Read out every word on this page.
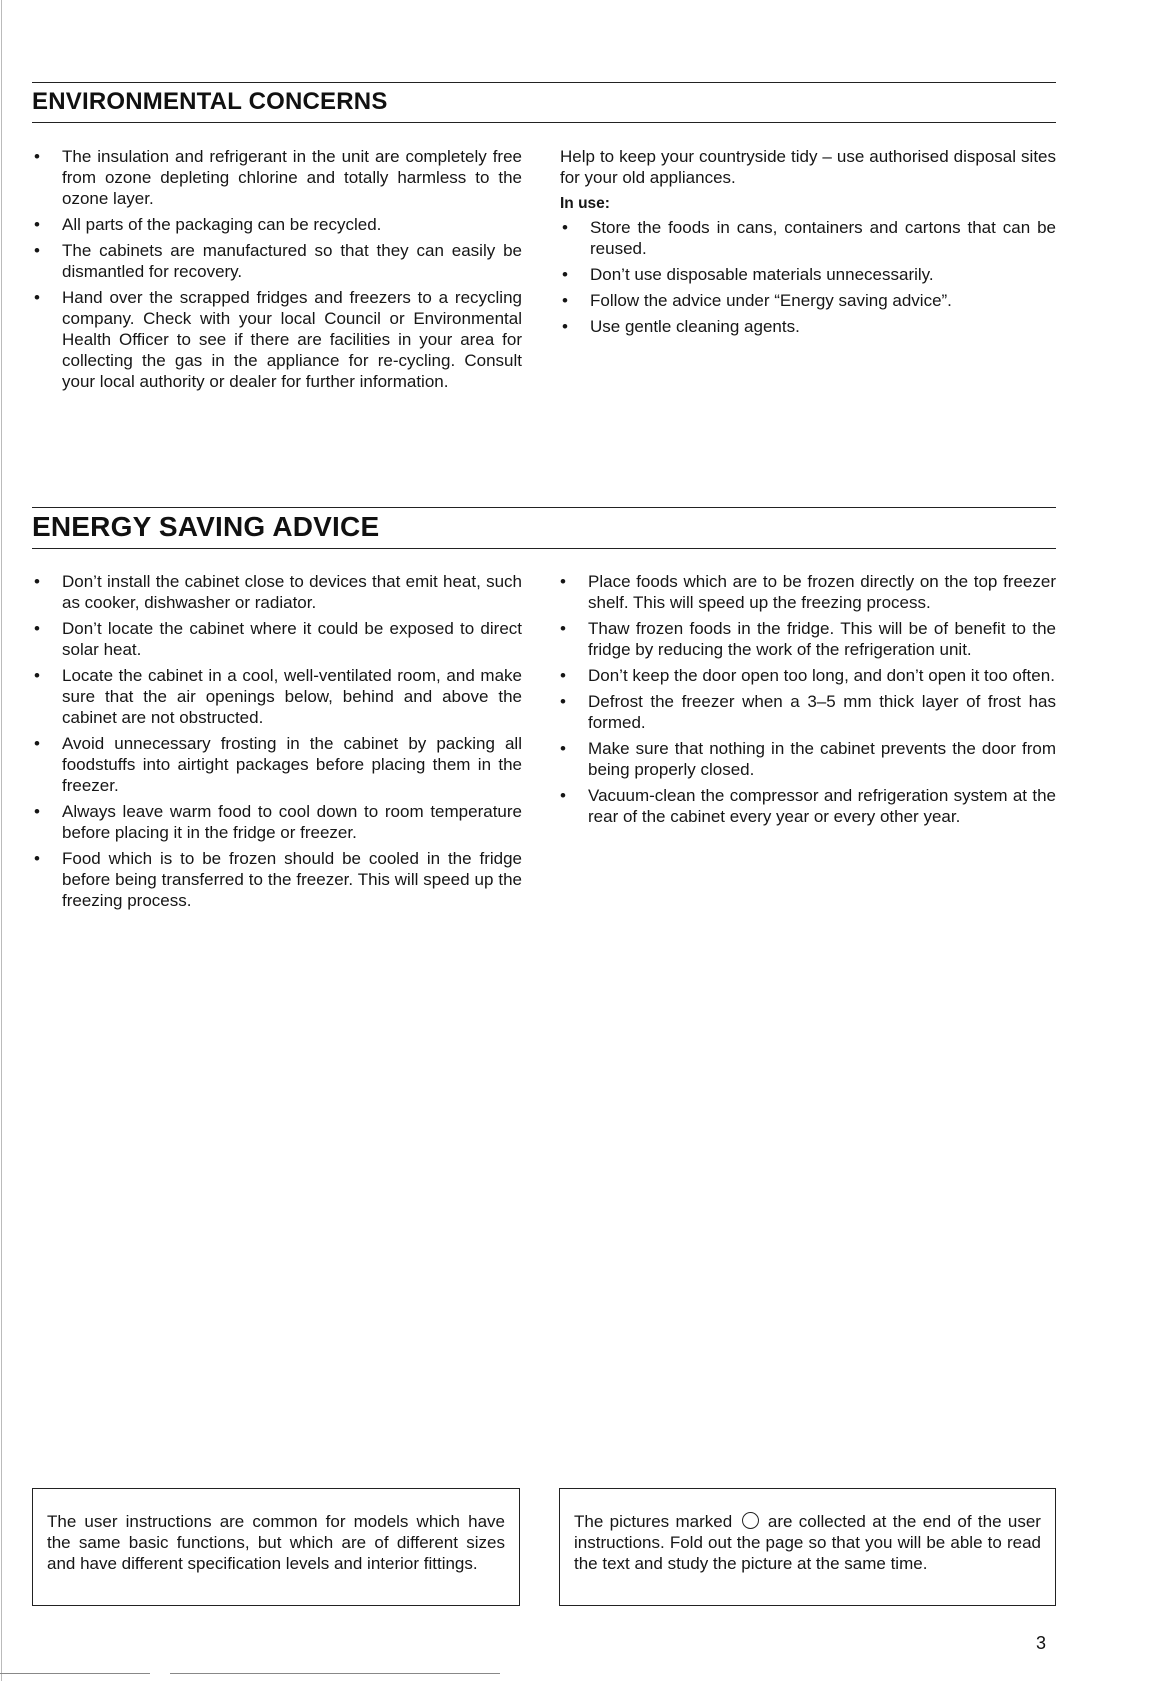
ENVIRONMENTAL CONCERNS
• The insulation and refrigerant in the unit are completely free from ozone depleting chlorine and totally harmless to the ozone layer.
• All parts of the packaging can be recycled.
• The cabinets are manufactured so that they can easily be dismantled for recovery.
• Hand over the scrapped fridges and freezers to a recycling company. Check with your local Council or Environmental Health Officer to see if there are facilities in your area for collecting the gas in the appliance for re-cycling. Consult your local authority or dealer for further information.

Help to keep your countryside tidy – use authorised disposal sites for your old appliances.

In use:
• Store the foods in cans, containers and cartons that can be reused.
• Don’t use disposable materials unnecessarily.
• Follow the advice under “Energy saving advice”.
• Use gentle cleaning agents.
ENERGY SAVING ADVICE
• Don’t install the cabinet close to devices that emit heat, such as cooker, dishwasher or radiator.
• Don’t locate the cabinet where it could be exposed to direct solar heat.
• Locate the cabinet in a cool, well-ventilated room, and make sure that the air openings below, behind and above the cabinet are not obstructed.
• Avoid unnecessary frosting in the cabinet by packing all foodstuffs into airtight packages before placing them in the freezer.
• Always leave warm food to cool down to room temperature before placing it in the fridge or freezer.
• Food which is to be frozen should be cooled in the fridge before being transferred to the freezer. This will speed up the freezing process.
• Place foods which are to be frozen directly on the top freezer shelf. This will speed up the freezing process.
• Thaw frozen foods in the fridge. This will be of benefit to the fridge by reducing the work of the refrigeration unit.
• Don’t keep the door open too long, and don’t open it too often.
• Defrost the freezer when a 3–5 mm thick layer of frost has formed.
• Make sure that nothing in the cabinet prevents the door from being properly closed.
• Vacuum-clean the compressor and refrigeration system at the rear of the cabinet every year or every other year.
The user instructions are common for models which have the same basic functions, but which are of different sizes and have different specification levels and interior fittings.
The pictures marked are collected at the end of the user instructions. Fold out the page so that you will be able to read the text and study the picture at the same time.
3
